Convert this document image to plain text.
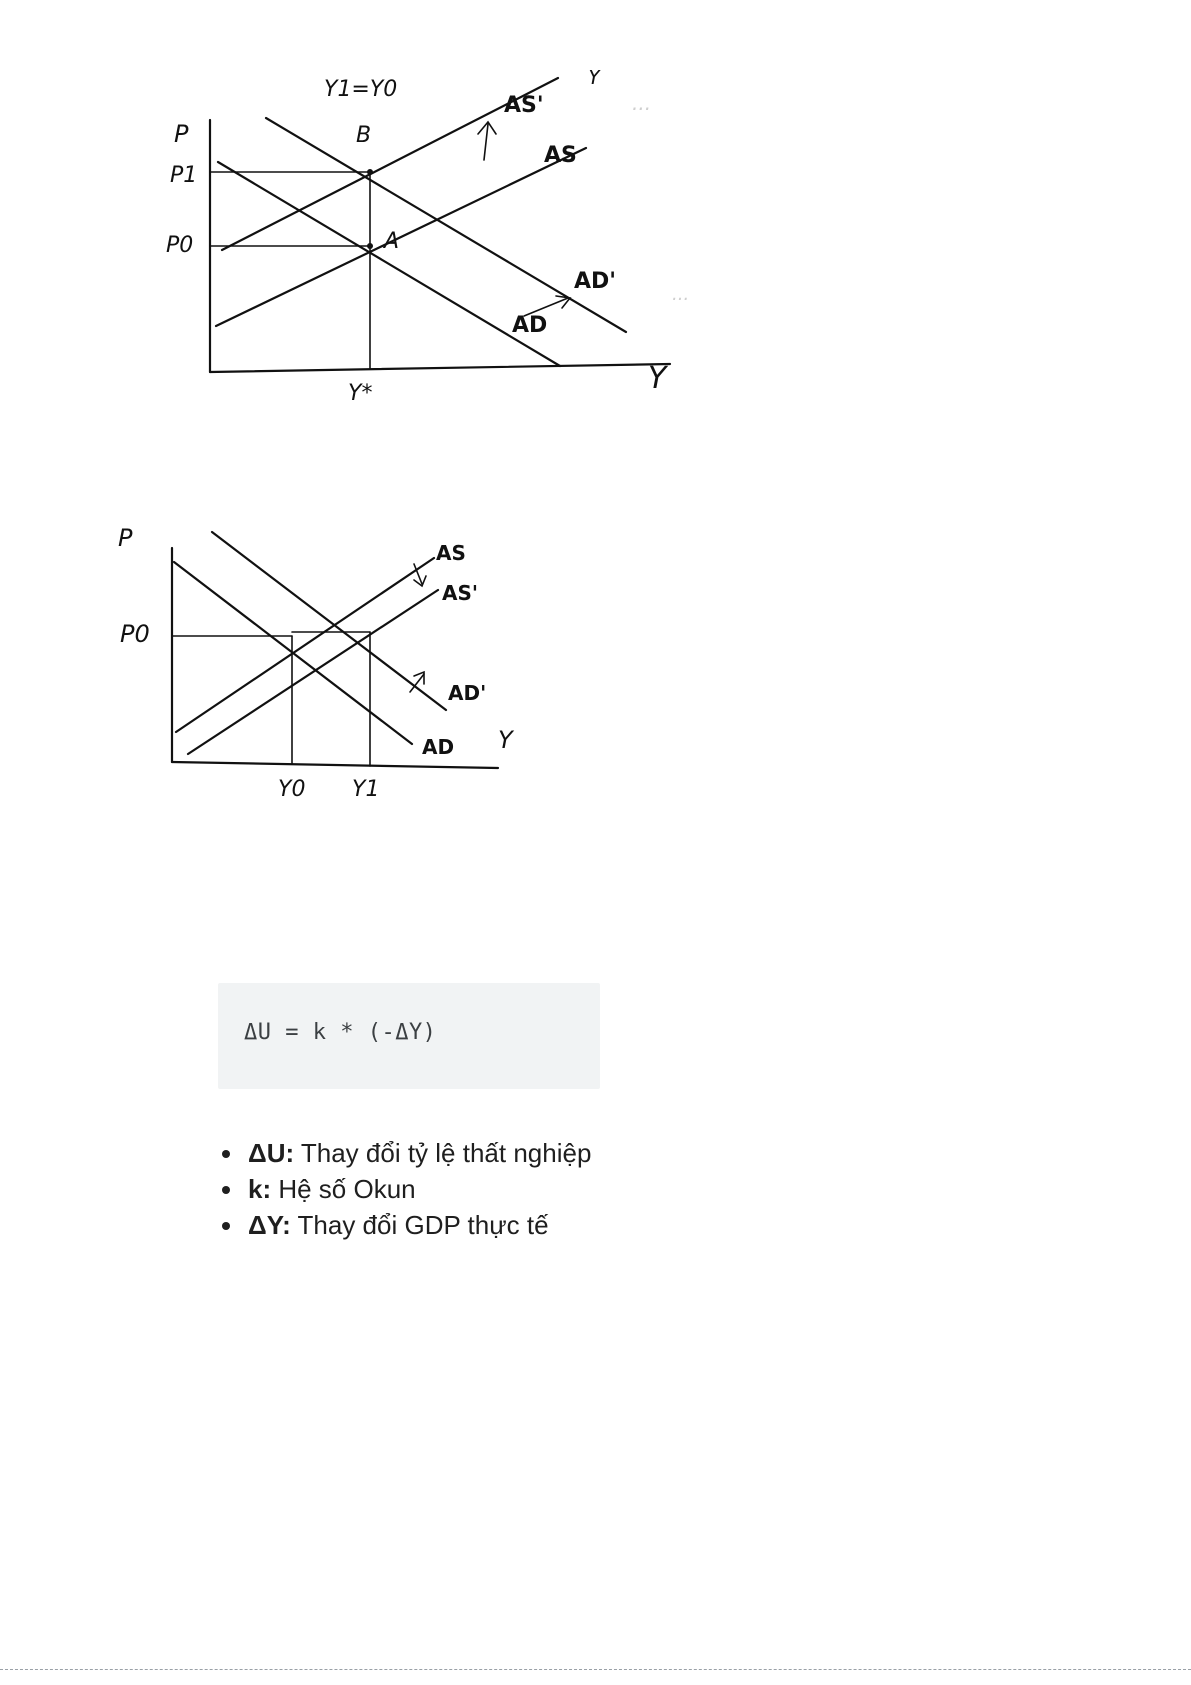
...
...
P
P1
P0
Y
Y*
Y1=Y0	Y
B
A
AS'
AS
AD'
AD
P
P0
Y
Y0 Y1
AS
AS'
AD'
AD
ΔU = k * (-ΔY)
ΔU: Thay đổi tỷ lệ thất nghiệp
k: Hệ số Okun
ΔY: Thay đổi GDP thực tế
